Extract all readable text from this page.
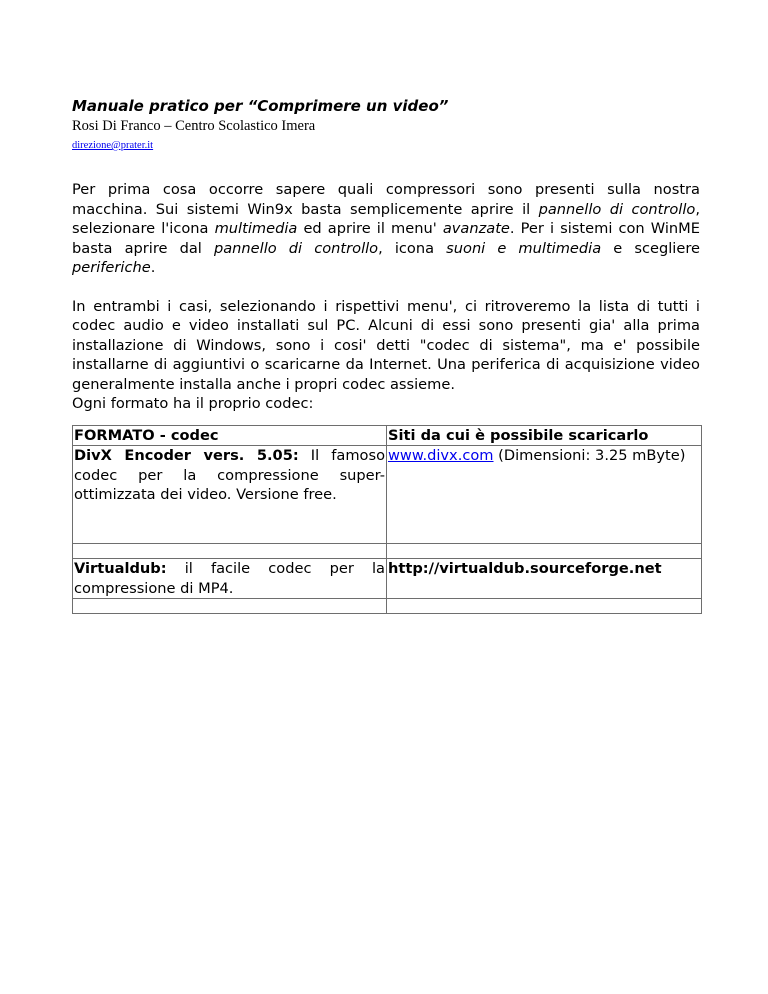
Manuale pratico per “Comprimere un video”
Rosi Di Franco – Centro Scolastico Imera
direzione@prater.it
Per prima cosa occorre sapere quali compressori sono presenti sulla nostra macchina. Sui sistemi Win9x basta semplicemente aprire il pannello di controllo, selezionare l'icona multimedia ed aprire il menu' avanzate. Per i sistemi con WinME basta aprire dal pannello di controllo, icona suoni e multimedia e scegliere periferiche.
In entrambi i casi, selezionando i rispettivi menu', ci ritroveremo la lista di tutti i codec audio e video installati sul PC. Alcuni di essi sono presenti gia' alla prima installazione di Windows, sono i cosi' detti "codec di sistema", ma e' possibile installarne di aggiuntivi o scaricarne da Internet. Una periferica di acquisizione video generalmente installa anche i propri codec assieme.
Ogni formato ha il proprio codec:
FORMATO - codec	Siti da cui è possibile scaricarlo
DivX Encoder vers. 5.05: Il famoso codec per la compressione super-ottimizzata dei video. Versione free.	www.divx.com (Dimensioni: 3.25 mByte)

Virtualdub: il facile codec per la compressione di MP4.	http://virtualdub.sourceforge.net
